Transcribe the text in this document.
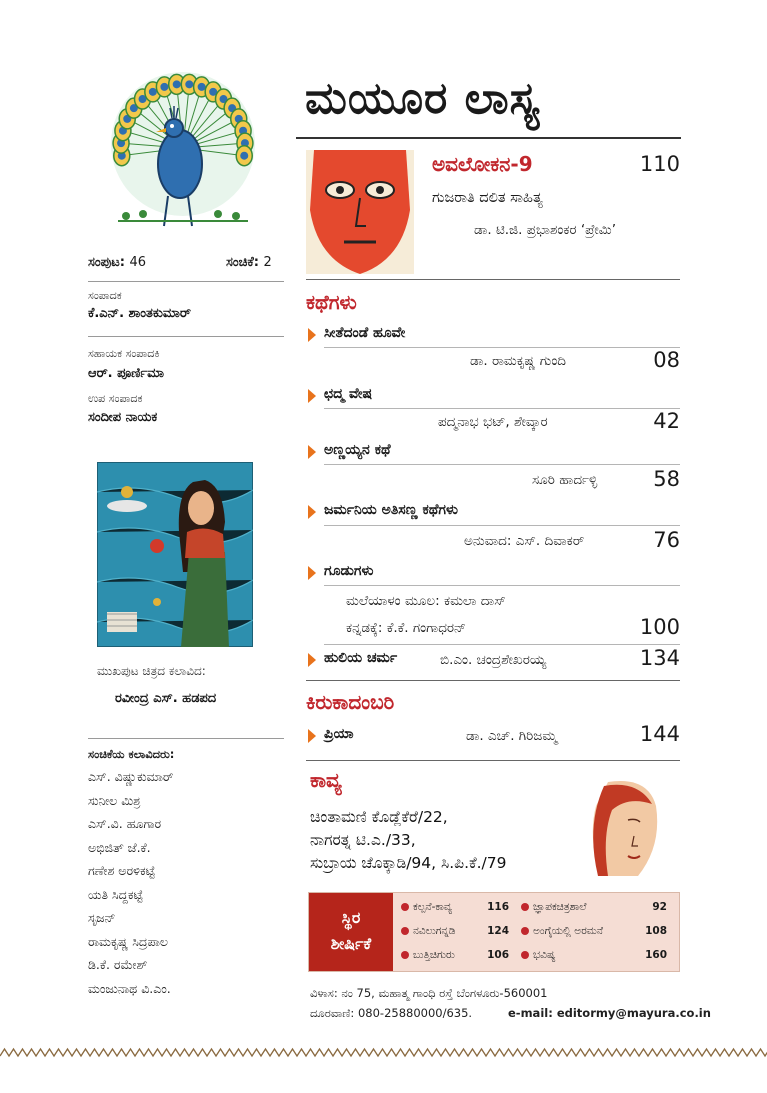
ಸಂಪುಟ: 46	ಸಂಚಿಕೆ: 2
ಸಂಪಾದಕ
ಕೆ.ಎನ್. ಶಾಂತಕುಮಾರ್
ಸಹಾಯಕ ಸಂಪಾದಕಿ
ಆರ್. ಪೂರ್ಣಿಮಾ
ಉಪ ಸಂಪಾದಕ
ಸಂದೀಪ ನಾಯಕ
ಮುಖಪುಟ ಚಿತ್ರದ ಕಲಾವಿದ:
ರವೀಂದ್ರ ಎಸ್. ಹಡಪದ
ಸಂಚಿಕೆಯ ಕಲಾವಿದರು:
ಎಸ್. ವಿಷ್ಣುಕುಮಾರ್
ಸುನೀಲ ಮಿಶ್ರ
ಎಸ್.ವಿ. ಹೂಗಾರ
ಅಭಿಜಿತ್ ಜೆ.ಕೆ.
ಗಣೇಶ ಅರಳಿಕಟ್ಟೆ
ಯತಿ ಸಿದ್ದಕಟ್ಟೆ
ಸೃಜನ್
ರಾಮಕೃಷ್ಣ ಸಿದ್ರಪಾಲ
ಡಿ.ಕೆ. ರಮೇಶ್
ಮಂಜುನಾಥ ವಿ.ಎಂ.
ಮಯೂರ ಲಾಸ್ಯ
ಅವಲೋಕನ-9	110
ಗುಜರಾತಿ ದಲಿತ ಸಾಹಿತ್ಯ
ಡಾ. ಟಿ.ಜಿ. ಪ್ರಭಾಶಂಕರ ‘ಪ್ರೇಮಿ’
ಕಥೆಗಳು
ಸೀತೆದಂಡೆ ಹೂವೇ
ಡಾ. ರಾಮಕೃಷ್ಣ ಗುಂದಿ	08
ಛದ್ಮ ವೇಷ
ಪದ್ಮನಾಭ ಭಟ್, ಶೇವ್ಕಾರ	42
ಅಣ್ಣಯ್ಯನ ಕಥೆ
ಸೂರಿ ಹಾರ್ದಳ್ಳಿ	58
ಜರ್ಮನಿಯ ಅತಿಸಣ್ಣ ಕಥೆಗಳು
ಅನುವಾದ: ಎಸ್. ದಿವಾಕರ್	76
ಗೂಡುಗಳು
ಮಲೆಯಾಳಂ ಮೂಲ: ಕಮಲಾ ದಾಸ್
ಕನ್ನಡಕ್ಕೆ: ಕೆ.ಕೆ. ಗಂಗಾಧರನ್	100
ಹುಲಿಯ ಚರ್ಮ	ಬಿ.ಎಂ. ಚಂದ್ರಶೇಖರಯ್ಯ	134
ಕಿರುಕಾದಂಬರಿ
ಪ್ರಿಯಾ	ಡಾ. ಎಚ್. ಗಿರಿಜಮ್ಮ	144
ಕಾವ್ಯ
ಚಿಂತಾಮಣಿ ಕೊಡ್ಲೆಕೆರೆ/22,
ನಾಗರತ್ನ ಟಿ.ಎ./33,
ಸುಬ್ರಾಯ ಚೊಕ್ಕಾಡಿ/94, ಸಿ.ಪಿ.ಕೆ./79
ಸ್ಥಿರ
ಶೀರ್ಷಿಕೆ
ಕಲ್ಪನೆ-ಕಾವ್ಯ	116	ಜ್ಞಾಪಕಚಿತ್ರಶಾಲೆ	92
ನವಿಲುಗನ್ನಡಿ	124	ಅಂಗೈಯಲ್ಲಿ ಅರಮನೆ	108
ಬುತ್ತಿಚಿಗುರು	106	ಭವಿಷ್ಯ	160
ವಿಳಾಸ: ನಂ 75, ಮಹಾತ್ಮ ಗಾಂಧಿ ರಸ್ತೆ ಬೆಂಗಳೂರು-560001
ದೂರವಾಣಿ: 080-25880000/635.	e-mail: editormy@mayura.co.in
